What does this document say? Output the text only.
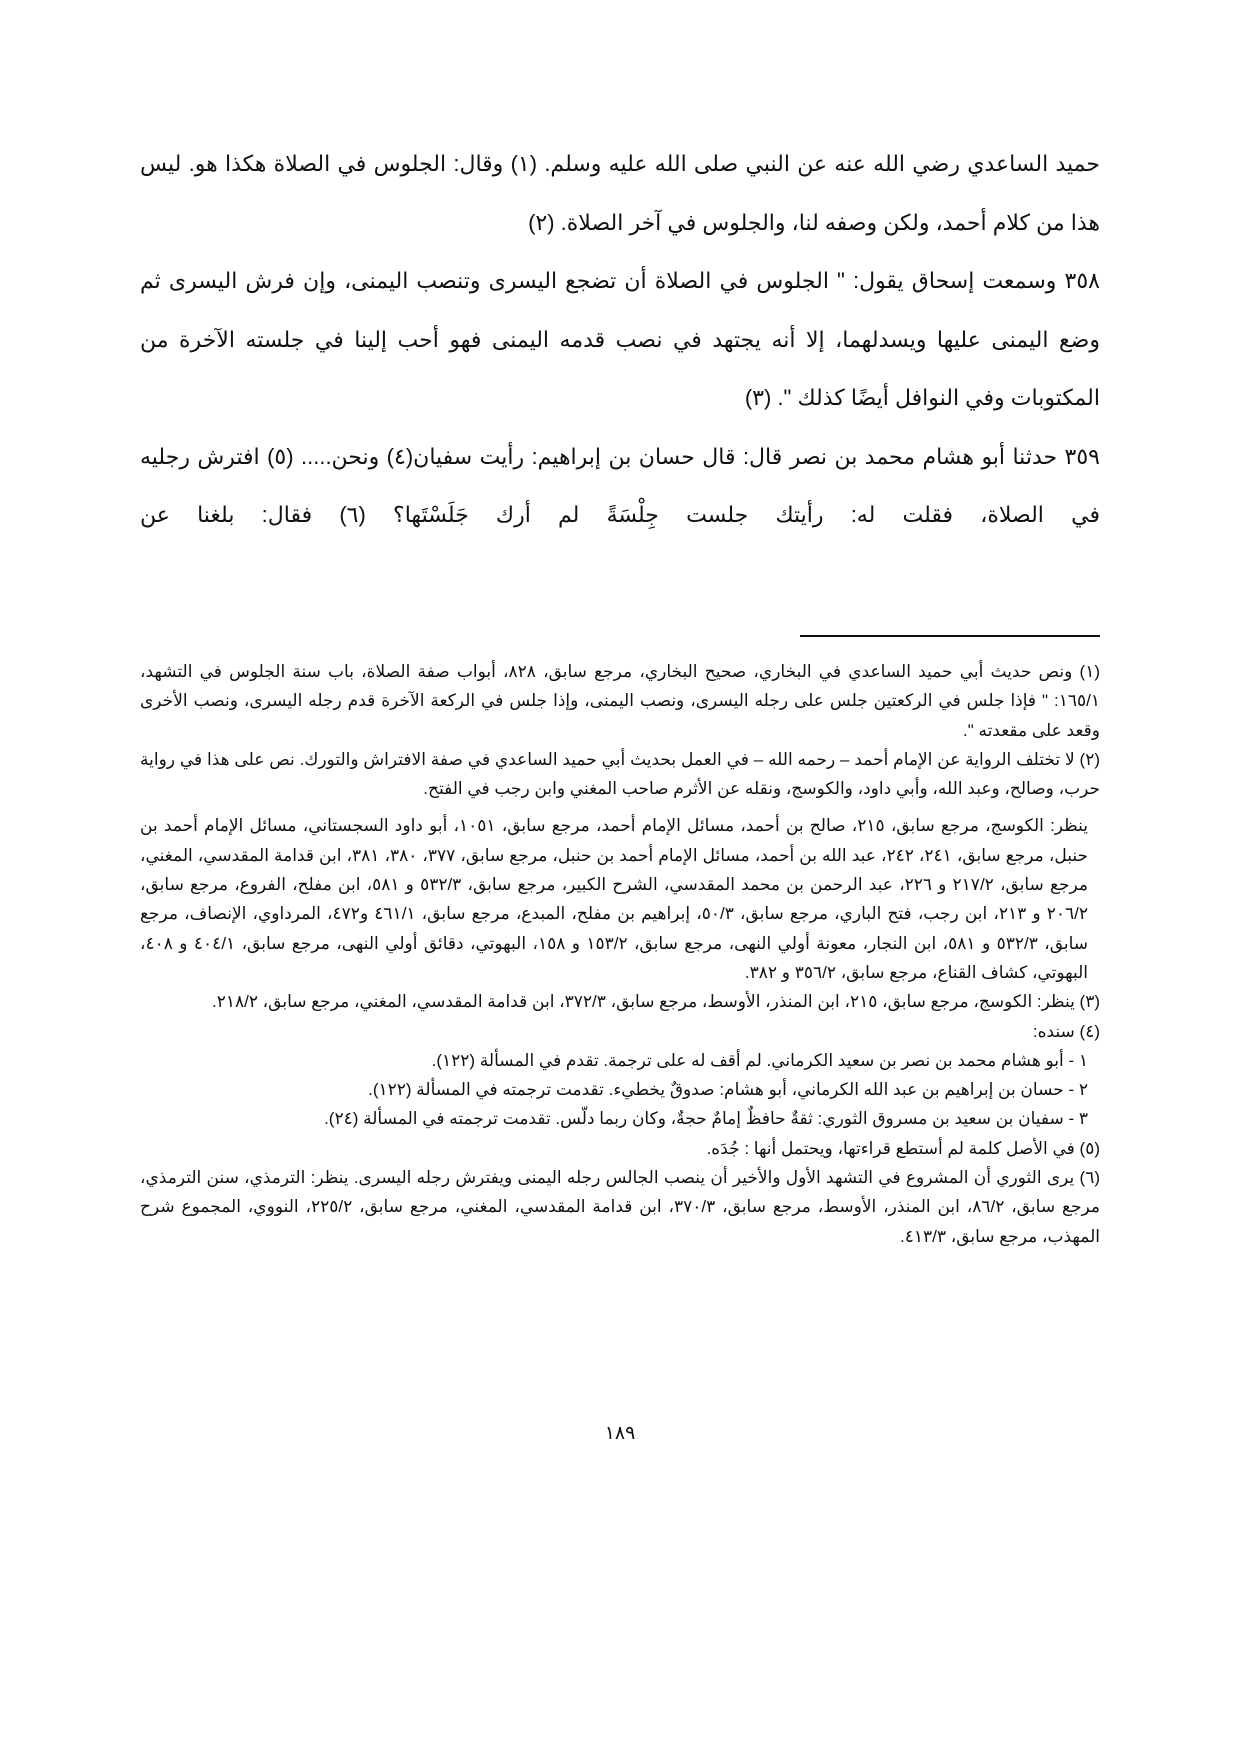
حميد الساعدي رضي الله عنه عن النبي صلى الله عليه وسلم. (١) وقال: الجلوس في الصلاة هكذا هو. ليس هذا من كلام أحمد، ولكن وصفه لنا، والجلوس في آخر الصلاة. (٢)

٣٥٨ وسمعت إسحاق يقول: " الجلوس في الصلاة أن تضجع اليسرى وتنصب اليمنى، وإن فرش اليسرى ثم وضع اليمنى عليها ويسدلهما، إلا أنه يجتهد في نصب قدمه اليمنى فهو أحب إلينا في جلسته الآخرة من المكتوبات وفي النوافل أيضًا كذلك ". (٣)

٣٥٩ حدثنا أبو هشام محمد بن نصر قال: قال حسان بن إبراهيم: رأيت سفيان(٤) ونحن..... (٥) افترش رجليه في الصلاة، فقلت له: رأيتك جلست جِلْسَةً لم أرك جَلَسْتَها؟ (٦) فقال: بلغنا عن

(١) ونص حديث أبي حميد الساعدي في البخاري، صحيح البخاري، مرجع سابق، ٨٢٨، أبواب صفة الصلاة، باب سنة الجلوس في التشهد، ١٦٥/١: " فإذا جلس في الركعتين جلس على رجله اليسرى، ونصب اليمنى، وإذا جلس في الركعة الآخرة قدم رجله اليسرى، ونصب الأخرى وقعد على مقعدته ".

(٢) لا تختلف الرواية عن الإمام أحمد – رحمه الله – في العمل بحديث أبي حميد الساعدي في صفة الافتراش والتورك. نص على هذا في رواية حرب، وصالح، وعبد الله، وأبي داود، والكوسج، ونقله عن الأثرم صاحب المغني وابن رجب في الفتح.

ينظر: الكوسج، مرجع سابق، ٢١٥، صالح بن أحمد، مسائل الإمام أحمد، مرجع سابق، ١٠٥١، أبو داود السجستاني، مسائل الإمام أحمد بن حنبل، مرجع سابق، ٢٤١، ٢٤٢، عبد الله بن أحمد، مسائل الإمام أحمد بن حنبل، مرجع سابق، ٣٧٧، ٣٨٠، ٣٨١، ابن قدامة المقدسي، المغني، مرجع سابق، ٢١٧/٢ و ٢٢٦، عبد الرحمن بن محمد المقدسي، الشرح الكبير، مرجع سابق، ٥٣٢/٣ و ٥٨١، ابن مفلح، الفروع، مرجع سابق، ٢٠٦/٢ و ٢١٣، ابن رجب، فتح الباري، مرجع سابق، ٥٠/٣، إبراهيم بن مفلح، المبدع، مرجع سابق، ٤٦١/١ و٤٧٢، المرداوي، الإنصاف، مرجع سابق، ٥٣٢/٣ و ٥٨١، ابن النجار، معونة أولي النهى، مرجع سابق، ١٥٣/٢ و ١٥٨، البهوتي، دقائق أولي النهى، مرجع سابق، ٤٠٤/١ و ٤٠٨، البهوتي، كشاف القناع، مرجع سابق، ٣٥٦/٢ و ٣٨٢.

(٣) ينظر: الكوسج، مرجع سابق، ٢١٥، ابن المنذر، الأوسط، مرجع سابق، ٣٧٢/٣، ابن قدامة المقدسي، المغني، مرجع سابق، ٢١٨/٢.

(٤) سنده:

١ - أبو هشام محمد بن نصر بن سعيد الكرماني. لم أقف له على ترجمة. تقدم في المسألة (١٢٢).

٢ - حسان بن إبراهيم بن عبد الله الكرماني، أبو هشام: صدوقٌ يخطيء. تقدمت ترجمته في المسألة (١٢٢).

٣ - سفيان بن سعيد بن مسروق الثوري: ثقةٌ حافظٌ إمامٌ حجةٌ، وكان ربما دلّس. تقدمت ترجمته في المسألة (٢٤).

(٥) في الأصل كلمة لم أستطع قراءتها، ويحتمل أنها : جُدَه.

(٦) يرى الثوري أن المشروع في التشهد الأول والأخير أن ينصب الجالس رجله اليمنى ويفترش رجله اليسرى. ينظر: الترمذي، سنن الترمذي، مرجع سابق، ٨٦/٢، ابن المنذر، الأوسط، مرجع سابق، ٣٧٠/٣، ابن قدامة المقدسي، المغني، مرجع سابق، ٢٢٥/٢، النووي، المجموع شرح المهذب، مرجع سابق، ٤١٣/٣.

١٨٩
